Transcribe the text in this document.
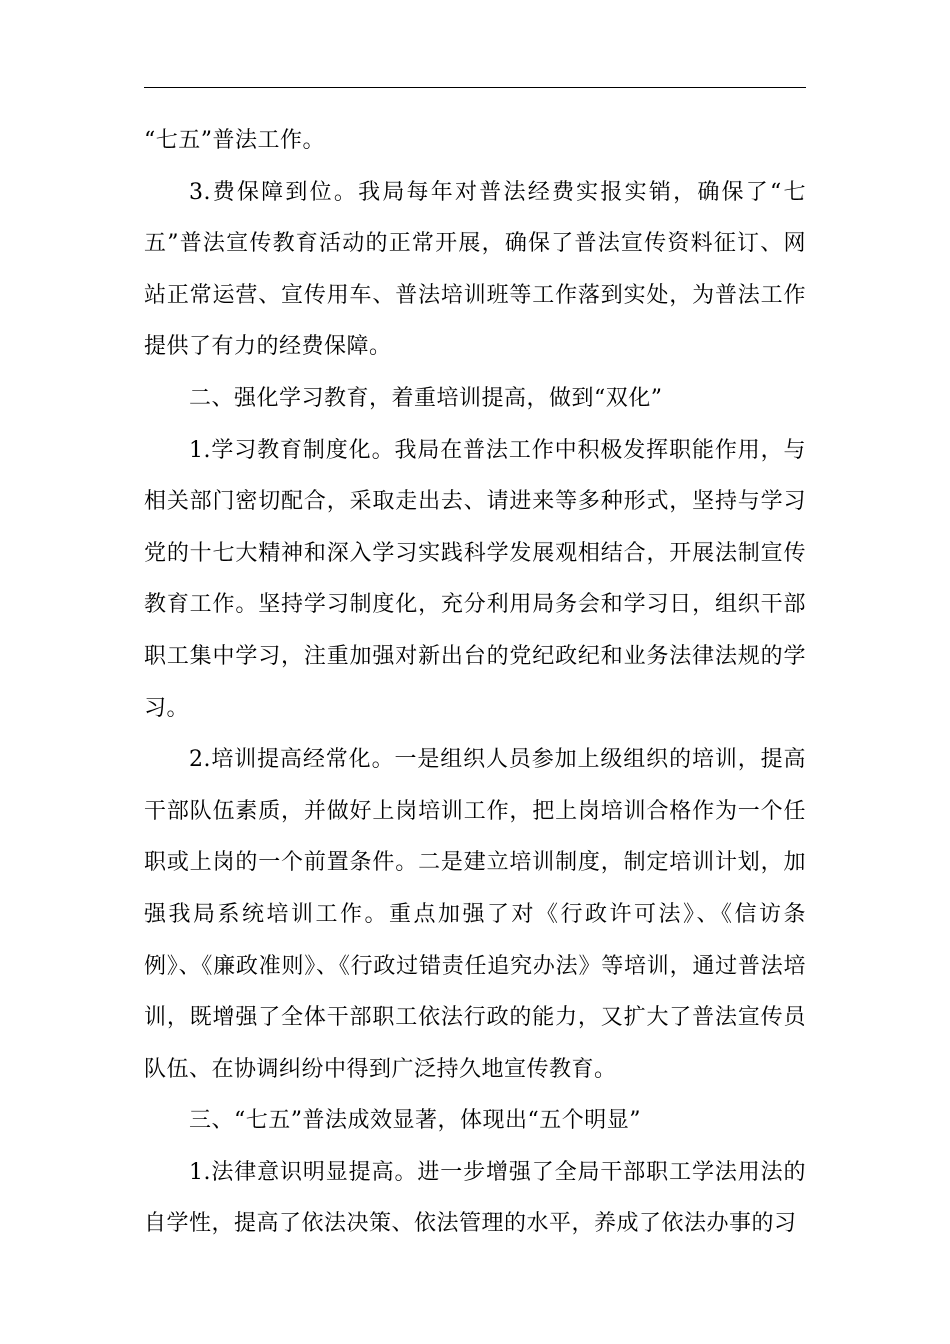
“七五”普法工作。

3.费保障到位。我局每年对普法经费实报实销，确保了“七五”普法宣传教育活动的正常开展，确保了普法宣传资料征订、网站正常运营、宣传用车、普法培训班等工作落到实处，为普法工作提供了有力的经费保障。

二、强化学习教育，着重培训提高，做到“双化”

1.学习教育制度化。我局在普法工作中积极发挥职能作用，与相关部门密切配合，采取走出去、请进来等多种形式，坚持与学习党的十七大精神和深入学习实践科学发展观相结合，开展法制宣传教育工作。坚持学习制度化，充分利用局务会和学习日，组织干部职工集中学习，注重加强对新出台的党纪政纪和业务法律法规的学习。

2.培训提高经常化。一是组织人员参加上级组织的培训，提高干部队伍素质，并做好上岗培训工作，把上岗培训合格作为一个任职或上岗的一个前置条件。二是建立培训制度，制定培训计划，加强我局系统培训工作。重点加强了对《行政许可法》、《信访条例》、《廉政准则》、《行政过错责任追究办法》等培训，通过普法培训，既增强了全体干部职工依法行政的能力，又扩大了普法宣传员队伍、在协调纠纷中得到广泛持久地宣传教育。

三、“七五”普法成效显著，体现出“五个明显”

1.法律意识明显提高。进一步增强了全局干部职工学法用法的自学性，提高了依法决策、依法管理的水平，养成了依法办事的习
